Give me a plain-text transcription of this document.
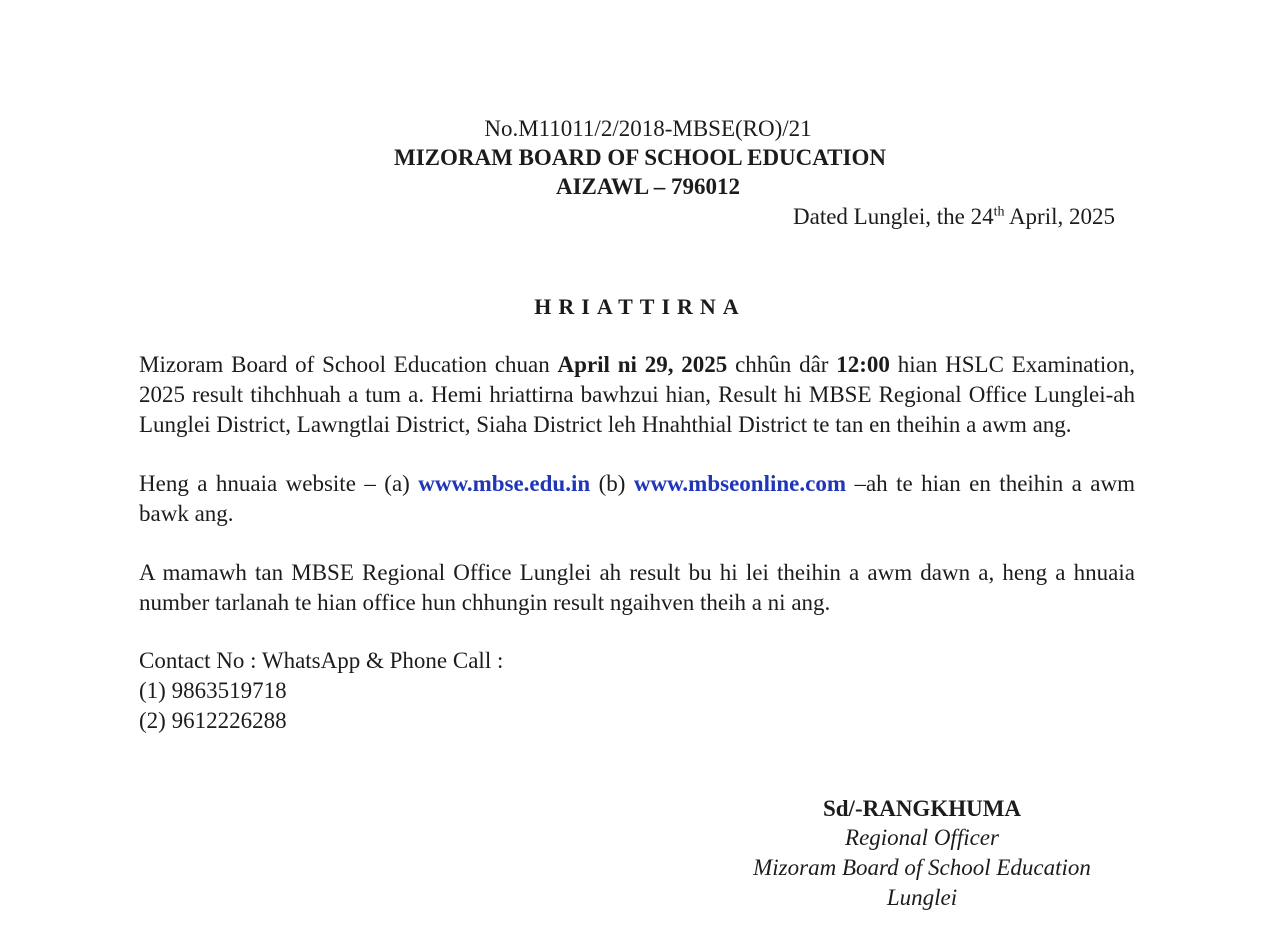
No.M11011/2/2018-MBSE(RO)/21
MIZORAM BOARD OF SCHOOL EDUCATION
AIZAWL – 796012
Dated Lunglei, the 24th April, 2025
HRIATTIRNA
Mizoram Board of School Education chuan April ni 29, 2025 chhûn dâr 12:00 hian HSLC Examination, 2025 result tihchhuah a tum a. Hemi hriattirna bawhzui hian, Result hi MBSE Regional Office Lunglei-ah Lunglei District, Lawngtlai District, Siaha District leh Hnahthial District te tan en theihin a awm ang.
Heng a hnuaia website – (a) www.mbse.edu.in (b) www.mbseonline.com –ah te hian en theihin a awm bawk ang.
A mamawh tan MBSE Regional Office Lunglei ah result bu hi lei theihin a awm dawn a, heng a hnuaia number tarlanah te hian office hun chhungin result ngaihven theih a ni ang.
Contact No : WhatsApp & Phone Call :
(1) 9863519718
(2) 9612226288
Sd/-RANGKHUMA
Regional Officer
Mizoram Board of School Education
Lunglei
